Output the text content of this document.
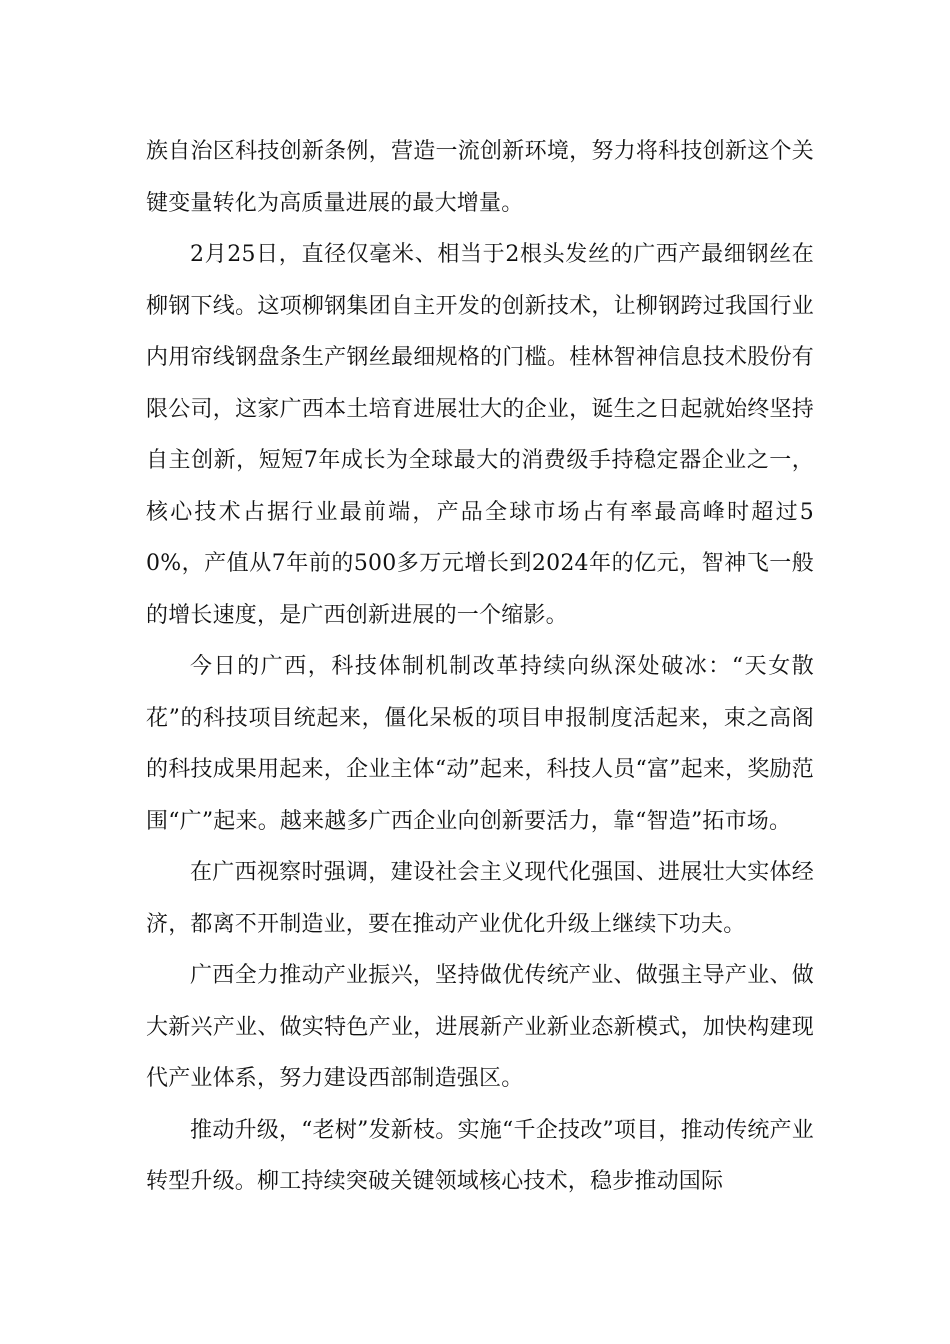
族自治区科技创新条例，营造一流创新环境，努力将科技创新这个关键变量转化为高质量进展的最大增量。

2月25日，直径仅毫米、相当于2根头发丝的广西产最细钢丝在柳钢下线。这项柳钢集团自主开发的创新技术，让柳钢跨过我国行业内用帘线钢盘条生产钢丝最细规格的门槛。桂林智神信息技术股份有限公司，这家广西本土培育进展壮大的企业，诞生之日起就始终坚持自主创新，短短7年成长为全球最大的消费级手持稳定器企业之一，核心技术占据行业最前端，产品全球市场占有率最高峰时超过50%，产值从7年前的500多万元增长到2024年的亿元，智神飞一般的增长速度，是广西创新进展的一个缩影。

今日的广西，科技体制机制改革持续向纵深处破冰：“天女散花”的科技项目统起来，僵化呆板的项目申报制度活起来，束之高阁的科技成果用起来，企业主体“动”起来，科技人员“富”起来，奖励范围“广”起来。越来越多广西企业向创新要活力，靠“智造”拓市场。

在广西视察时强调，建设社会主义现代化强国、进展壮大实体经济，都离不开制造业，要在推动产业优化升级上继续下功夫。

广西全力推动产业振兴，坚持做优传统产业、做强主导产业、做大新兴产业、做实特色产业，进展新产业新业态新模式，加快构建现代产业体系，努力建设西部制造强区。

推动升级，“老树”发新枝。实施“千企技改”项目，推动传统产业转型升级。柳工持续突破关键领域核心技术，稳步推动国际
